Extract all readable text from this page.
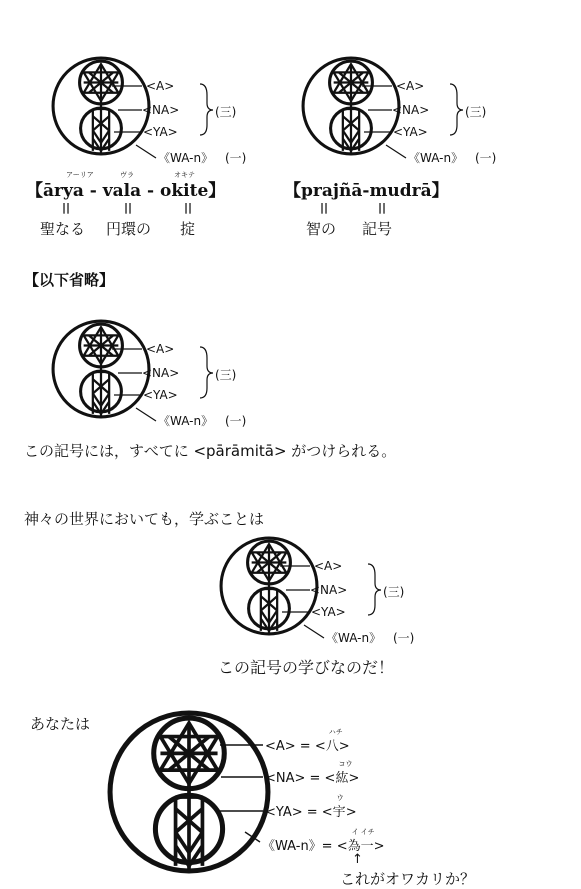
<A>
<NA>
<YA>
(三)
《WA-n》 (一)
<A>
<NA>
<YA>
(三)
《WA-n》 (一)
アーリア	ヴラ	オキテ
【ārya - vala - okite】
||	||	||
聖なる 円環の 掟
【prajñā-mudrā】
||	||
智の 記号
【以下省略】
<A>
<NA>
<YA>
(三)
《WA-n》 (一)
この記号には，すべてに <pārāmitā> がつけられる。
神々の世界においても，学ぶことは
<A>
<NA>
<YA>
(三)
《WA-n》 (一)
この記号の学びなのだ！
あなたは
<A> = <
ハチ
八>
<NA> = <
コウ
紘>
<YA> = <
ウ
宇>
《WA-n》= <
イ
為
イチ
一>
↑
これがオワカリか？
